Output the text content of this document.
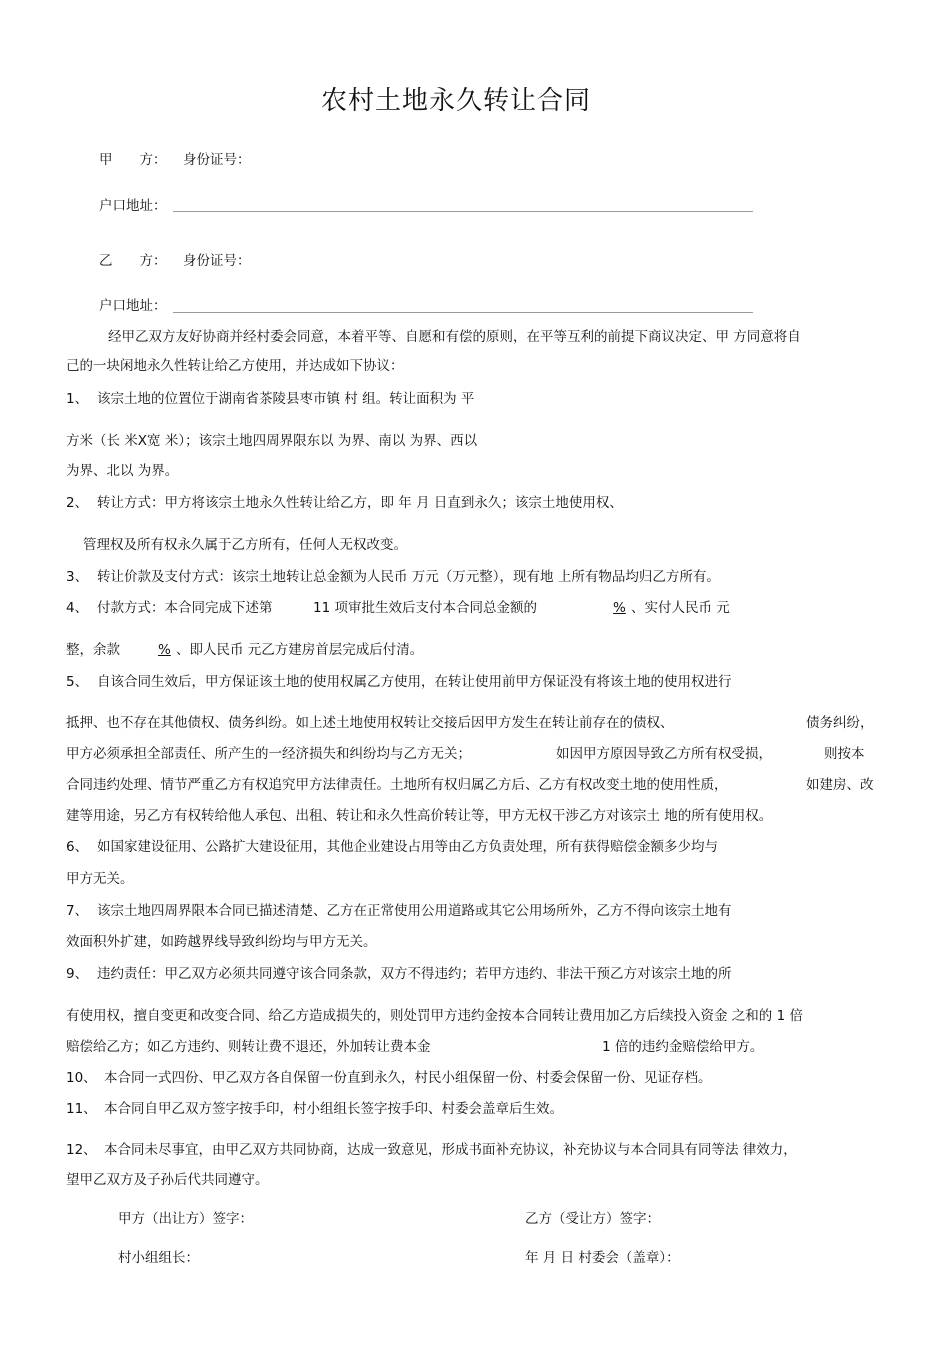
农村土地永久转让合同
甲　　方： 身份证号：
户口地址：
乙　　方： 身份证号：
户口地址：
经甲乙双方友好协商并经村委会同意，本着平等、自愿和有偿的原则，在平等互利的前提下商议决定、甲 方同意将自
己的一块闲地永久性转让给乙方使用，并达成如下协议：
1、 该宗土地的位置位于湖南省茶陵县枣市镇 村 组。转让面积为 平
方米（长 米X宽 米）；该宗土地四周界限东以 为界、南以 为界、西以
为界、北以 为界。
2、 转让方式：甲方将该宗土地永久性转让给乙方，即 年 月 日直到永久；该宗土地使用权、
管理权及所有权永久属于乙方所有，任何人无权改变。
3、 转让价款及支付方式：该宗土地转让总金额为人民币 万元（万元整），现有地 上所有物品均归乙方所有。
4、 付款方式：本合同完成下述第	11 项审批生效后支付本合同总金额的	% 、实付人民币 元
整，余款	% 、即人民币 元乙方建房首层完成后付清。
5、 自该合同生效后，甲方保证该土地的使用权属乙方使用，在转让使用前甲方保证没有将该土地的使用权进行
抵押、也不存在其他债权、债务纠纷。如上述土地使用权转让交接后因甲方发生在转让前存在的债权、	债务纠纷，
甲方必须承担全部责任、所产生的一经济损失和纠纷均与乙方无关；	如因甲方原因导致乙方所有权受损，	则按本
合同违约处理、情节严重乙方有权追究甲方法律责任。土地所有权归属乙方后、乙方有权改变土地的使用性质，	如建房、改
建等用途，另乙方有权转给他人承包、出租、转让和永久性高价转让等，甲方无权干涉乙方对该宗土 地的所有使用权。
6、 如国家建设征用、公路扩大建设征用，其他企业建设占用等由乙方负责处理，所有获得赔偿金额多少均与
甲方无关。
7、 该宗土地四周界限本合同已描述清楚、乙方在正常使用公用道路或其它公用场所外，乙方不得向该宗土地有
效面积外扩建，如跨越界线导致纠纷均与甲方无关。
9、 违约责任：甲乙双方必须共同遵守该合同条款，双方不得违约；若甲方违约、非法干预乙方对该宗土地的所
有使用权，擅自变更和改变合同、给乙方造成损失的，则处罚甲方违约金按本合同转让费用加乙方后续投入资金 之和的 1 倍
赔偿给乙方；如乙方违约、则转让费不退还，外加转让费本金	1 倍的违约金赔偿给甲方。
10、 本合同一式四份、甲乙双方各自保留一份直到永久，村民小组保留一份、村委会保留一份、见证存档。
11、 本合同自甲乙双方签字按手印，村小组组长签字按手印、村委会盖章后生效。
12、 本合同未尽事宜，由甲乙双方共同协商，达成一致意见，形成书面补充协议，补充协议与本合同具有同等法 律效力，
望甲乙双方及子孙后代共同遵守。
甲方（出让方）签字：	乙方（受让方）签字：
村小组组长：	年 月 日 村委会（盖章）：
